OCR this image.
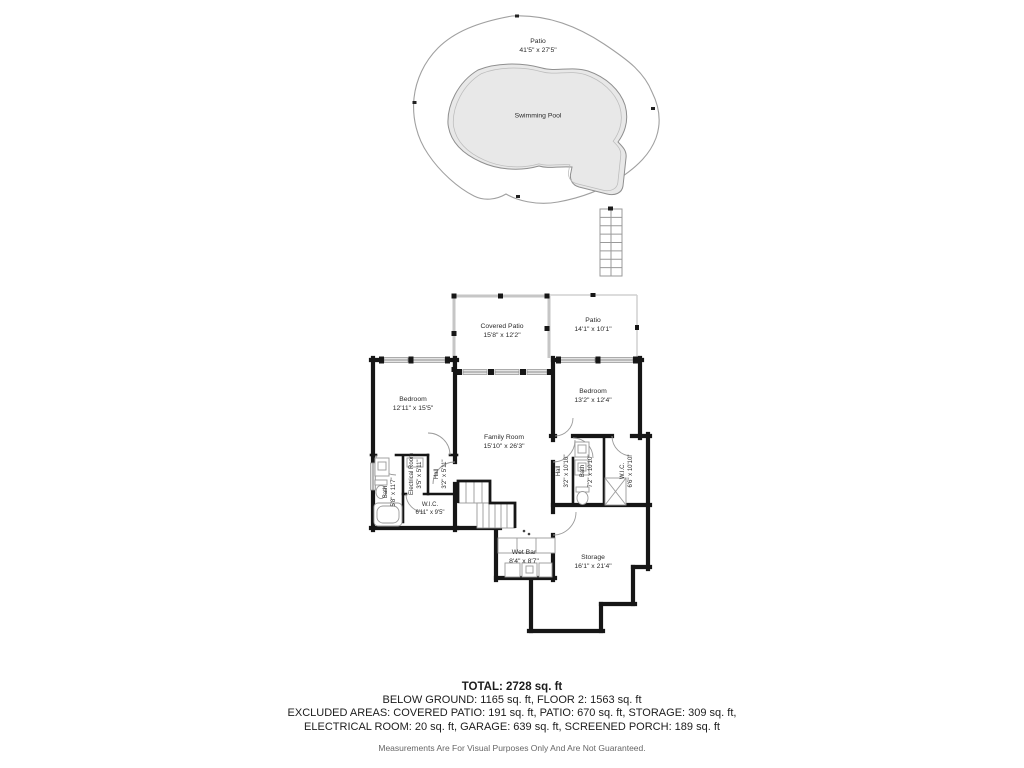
Patio
41'5" x 27'5"
Swimming Pool
Covered Patio
15'8" x 12'2"
Patio
14'1" x 10'1"
Bedroom
12'11" x 15'5"
Family Room
15'10" x 26'3"
Bedroom
13'2" x 12'4"
Bath 5'8" x 11'7" Electrical Room 3'5" x 5'11" Hall 3'2" x 5'11"
W.I.C.
6'11" x 9'5"
Hall 3'2" x 10'10" Bath 7'2" x 10'10"	W.I.C. 6'6" x 10'10"
Wet Bar
8'4" x 8'7"
Storage
16'1" x 21'4"
TOTAL: 2728 sq. ft
BELOW GROUND: 1165 sq. ft, FLOOR 2: 1563 sq. ft
EXCLUDED AREAS: COVERED PATIO: 191 sq. ft, PATIO: 670 sq. ft, STORAGE: 309 sq. ft,
ELECTRICAL ROOM: 20 sq. ft, GARAGE: 639 sq. ft, SCREENED PORCH: 189 sq. ft
Measurements Are For Visual Purposes Only And Are Not Guaranteed.
